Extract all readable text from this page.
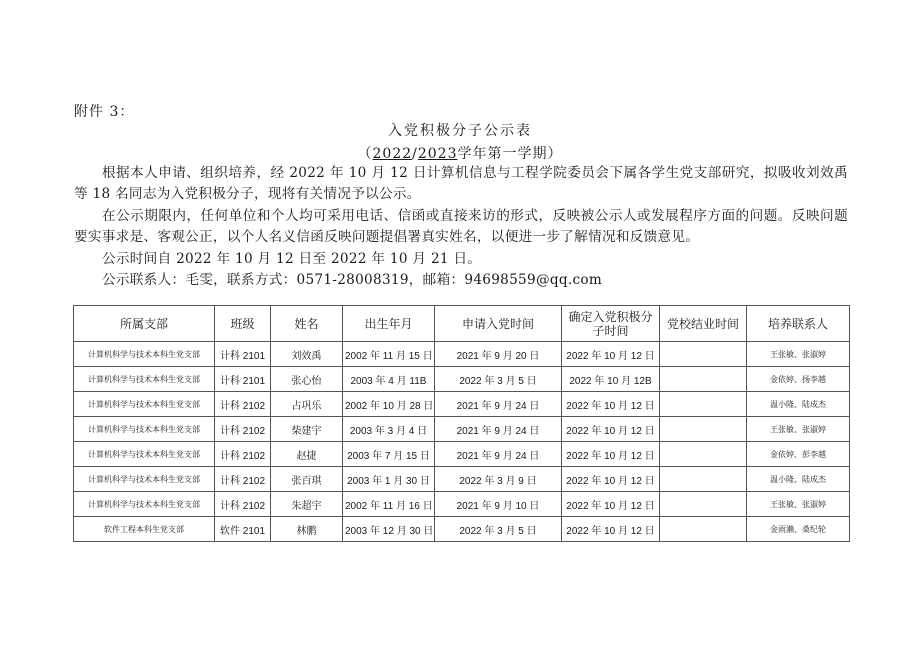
附件 3：
入党积极分子公示表
（2022/2023学年第一学期）
根据本人申请、组织培养，经 2022 年 10 月 12 日计算机信息与工程学院委员会下属各学生党支部研究，拟吸收刘效禹等 18 名同志为入党积极分子，现将有关情况予以公示。
在公示期限内，任何单位和个人均可采用电话、信函或直接来访的形式，反映被公示人或发展程序方面的问题。反映问题要实事求是、客观公正，以个人名义信函反映问题提倡署真实姓名，以便进一步了解情况和反馈意见。
公示时间自 2022 年 10 月 12 日至 2022 年 10 月 21 日。
公示联系人：毛雯，联系方式：0571-28008319，邮箱：94698559@qq.com
所属支部	班级	姓名	出生年月	申请入党时间	确定入党积极分子时间	党校结业时间	培养联系人
计算机科学与技术本科生党支部	计科 2101	刘效禹	2002 年 11 月 15 日	2021 年 9 月 20 日	2022 年 10 月 12 日		王张敏、张淑婷
计算机科学与技术本科生党支部	计科 2101	张心怡	2003 年 4 月 11B	2022 年 3 月 5 日	2022 年 10 月 12B		金依婷、扬李越
计算机科学与技术本科生党支部	计科 2102	占巩乐	2002 年 10 月 28 日	2021 年 9 月 24 日	2022 年 10 月 12 日		温小隆、陆成杰
计算机科学与技术本科生党支部	计科 2102	柴建宇	2003 年 3 月 4 日	2021 年 9 月 24 日	2022 年 10 月 12 日		王张敏、张淑婷
计算机科学与技术本科生党支部	计科 2102	赵捷	2003 年 7 月 15 日	2021 年 9 月 24 日	2022 年 10 月 12 日		金依婷、彭李越
计算机科学与技术本科生党支部	计科 2102	张百琪	2003 年 1 月 30 日	2022 年 3 月 9 日	2022 年 10 月 12 日		温小隆、陆成杰
计算机科学与技术本科生党支部	计科 2102	朱超宇	2002 年 11 月 16 日	2021 年 9 月 10 日	2022 年 10 月 12 日		王张敏、张淑婷
软件工程本科生党支部	软件 2101	林鹏	2003 年 12 月 30 日	2022 年 3 月 5 日	2022 年 10 月 12 日		金雨濑、桑纪轮
